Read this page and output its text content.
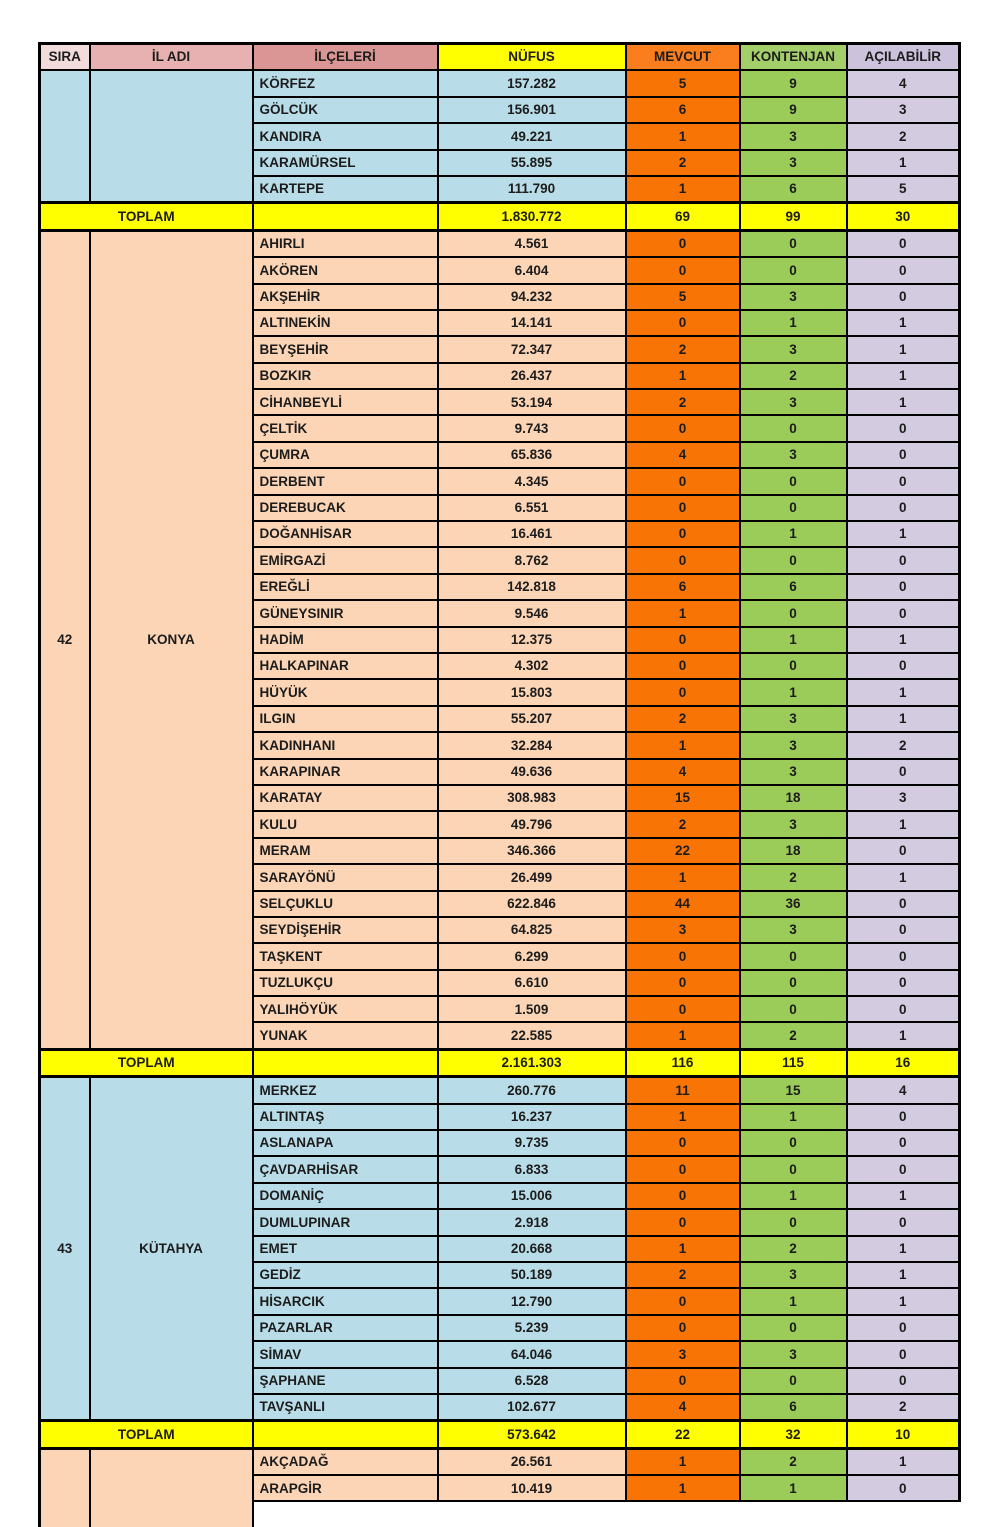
SIRA	İL ADI	İLÇELERİ	NÜFUS	MEVCUT	KONTENJAN	AÇILABİLİR
		KÖRFEZ	157.282	5	9	4
		GÖLCÜK	156.901	6	9	3
		KANDIRA	49.221	1	3	2
		KARAMÜRSEL	55.895	2	3	1
		KARTEPE	111.790	1	6	5
TOPLAM			1.830.772	69	99	30
42	KONYA	AHIRLI	4.561	0	0	0
		AKÖREN	6.404	0	0	0
		AKŞEHİR	94.232	5	3	0
		ALTINEKİN	14.141	0	1	1
		BEYŞEHİR	72.347	2	3	1
		BOZKIR	26.437	1	2	1
		CİHANBEYLİ	53.194	2	3	1
		ÇELTİK	9.743	0	0	0
		ÇUMRA	65.836	4	3	0
		DERBENT	4.345	0	0	0
		DEREBUCAK	6.551	0	0	0
		DOĞANHİSAR	16.461	0	1	1
		EMİRGAZİ	8.762	0	0	0
		EREĞLİ	142.818	6	6	0
		GÜNEYSINIR	9.546	1	0	0
		HADİM	12.375	0	1	1
		HALKAPINAR	4.302	0	0	0
		HÜYÜK	15.803	0	1	1
		ILGIN	55.207	2	3	1
		KADINHANI	32.284	1	3	2
		KARAPINAR	49.636	4	3	0
		KARATAY	308.983	15	18	3
		KULU	49.796	2	3	1
		MERAM	346.366	22	18	0
		SARAYÖNÜ	26.499	1	2	1
		SELÇUKLU	622.846	44	36	0
		SEYDİŞEHİR	64.825	3	3	0
		TAŞKENT	6.299	0	0	0
		TUZLUKÇU	6.610	0	0	0
		YALIHÖYÜK	1.509	0	0	0
		YUNAK	22.585	1	2	1
TOPLAM			2.161.303	116	115	16
43	KÜTAHYA	MERKEZ	260.776	11	15	4
		ALTINTAŞ	16.237	1	1	0
		ASLANAPA	9.735	0	0	0
		ÇAVDARHİSAR	6.833	0	0	0
		DOMANİÇ	15.006	0	1	1
		DUMLUPINAR	2.918	0	0	0
		EMET	20.668	1	2	1
		GEDİZ	50.189	2	3	1
		HİSARCIK	12.790	0	1	1
		PAZARLAR	5.239	0	0	0
		SİMAV	64.046	3	3	0
		ŞAPHANE	6.528	0	0	0
		TAVŞANLI	102.677	4	6	2
TOPLAM			573.642	22	32	10
		AKÇADAĞ	26.561	1	2	1
		ARAPGİR	10.419	1	1	0
